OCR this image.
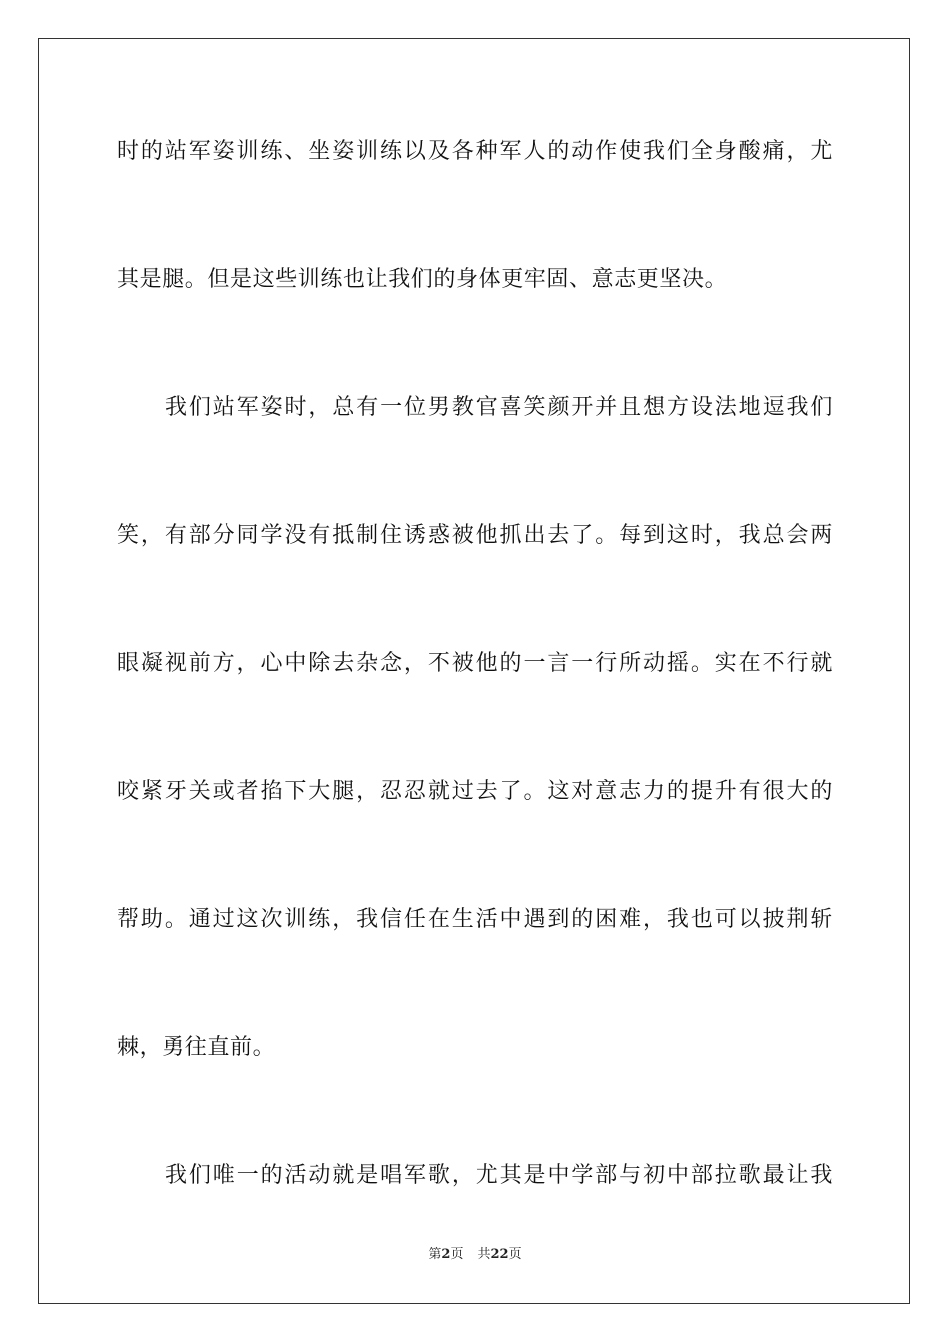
时的站军姿训练、坐姿训练以及各种军人的动作使我们全身酸痛，尤
其是腿。但是这些训练也让我们的身体更牢固、意志更坚决。
我们站军姿时，总有一位男教官喜笑颜开并且想方设法地逗我们
笑，有部分同学没有抵制住诱惑被他抓出去了。每到这时，我总会两
眼凝视前方，心中除去杂念，不被他的一言一行所动摇。实在不行就
咬紧牙关或者掐下大腿，忍忍就过去了。这对意志力的提升有很大的
帮助。通过这次训练，我信任在生活中遇到的困难，我也可以披荆斩
棘，勇往直前。
我们唯一的活动就是唱军歌，尤其是中学部与初中部拉歌最让我
第2页 共22页
